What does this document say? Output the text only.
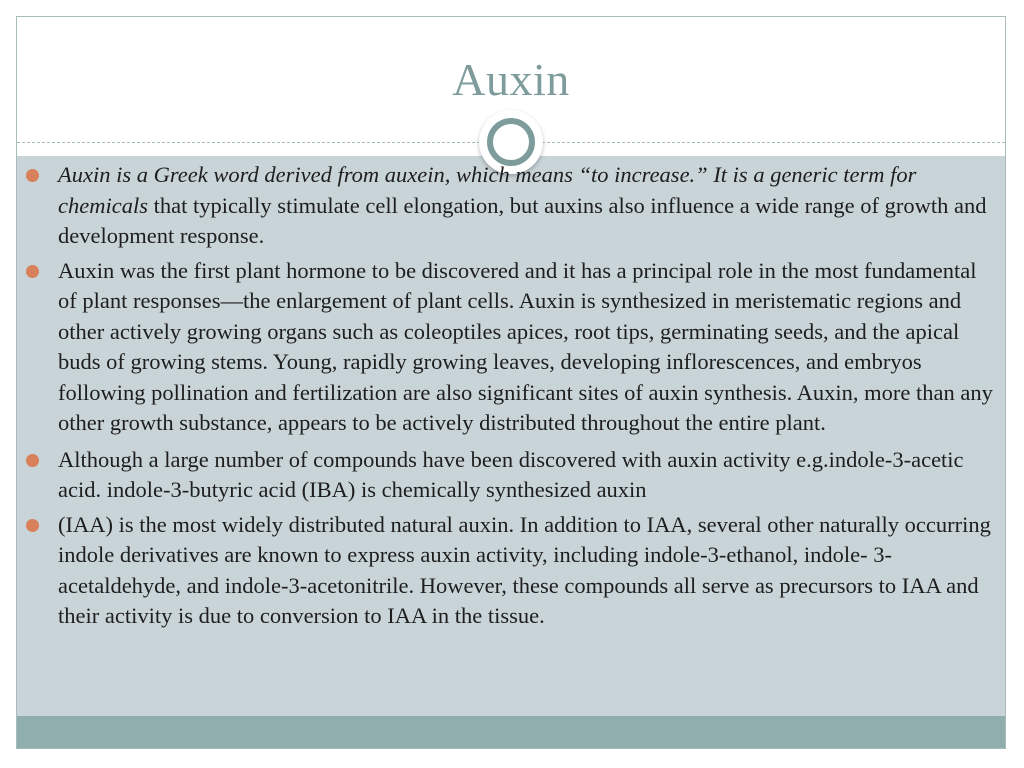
Auxin
Auxin is a Greek word derived from auxein, which means “to increase.” It is a generic term for chemicals that typically stimulate cell elongation, but auxins also influence a wide range of growth and development response.
Auxin was the first plant hormone to be discovered and it has a principal role in the most fundamental of plant responses—the enlargement of plant cells. Auxin is synthesized in meristematic regions and other actively growing organs such as coleoptiles apices, root tips, germinating seeds, and the apical buds of growing stems. Young, rapidly growing leaves, developing inflorescences, and embryos following pollination and fertilization are also significant sites of auxin synthesis. Auxin, more than any other growth substance, appears to be actively distributed throughout the entire plant.
Although a large number of compounds have been discovered with auxin activity e.g.indole-3-acetic acid. indole-3-butyric acid (IBA) is chemically synthesized auxin
(IAA) is the most widely distributed natural auxin. In addition to IAA, several other naturally occurring indole derivatives are known to express auxin activity, including indole-3-ethanol, indole- 3-acetaldehyde, and indole-3-acetonitrile. However, these compounds all serve as precursors to IAA and their activity is due to conversion to IAA in the tissue.
